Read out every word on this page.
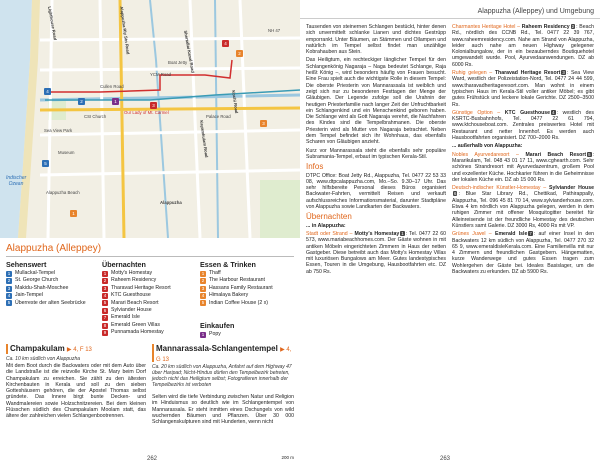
Lighthouse Road	Alappuzha Rly Stn Road	Shertallai Kanal Road
Kochi Road
Kayamkulam Road
YCM Road
Cullen Road
CSI Church
Our Lady of Mt. Carmel
Palace Road
Sea View Park
Alappuzha Beach
Alappuzha
Indischer Ozean
Museum
Boat Jetty
NH 47
200 m
4
2	1
3
4
2
5
1
3
Alappuzha (Alleppey)
Sehenswert
1 Mullackal-Tempel
2 St. George Church
3 Makidu-Shah-Moschee
4 Jain-Tempel
5 Überreste der alten Seebrücke
Übernachten
1 Motty's Homestay
2 Raheem Residency
3 Tharavad Heritage Resort
4 KTC Guesthouse
5 Marari Beach Resort
6 Sylviander House
7 Emerald Isle
8 Emerald Green Villas
9 Punnamada Homestay
Essen & Trinken
1 Thaff
2 The Harbour Restaurant
3 Hassans Family Restaurant
4 Himalaya Bakery
5 Indian Coffee House (2 x)
Einkaufen
1 Popy
Champakulam ▶ 4, F 13
Ca. 10 km südlich von Alappuzha

Mit dem Boot durch die Backwaters oder mit dem Auto über die Landstraße ist die reizvolle Kirche St. Mary beim Dorf Champakulam zu erreichen. Sie zählt zu den ältesten Kirchenbauten in Kerala und soll zu den sieben Gotteshäusern gehören, die der Apostel Thomas selbst gründete. Das Innere birgt bunte Decken- und Wandmalereien sowie Holzschnitzereien. Bei dem kleinen Flüsschen südlich des Champakulam Moolam statt, das ältere der zahlreichen vielen Schlangenbootrennen.

Mannarassala-Schlangentempel ▶ 4, G 13
Ca. 20 km südlich von Alappuzha, Anfahrt auf dem Highway 47 über Haripad; Nicht-Hindus dürfen den Tempelbezirk betreten, jedoch nicht das Heiligtum selbst; Fotografieren innerhalb der Tempelbezirks ist verboten

Selten wird die tiefe Verbindung zwischen Natur und Religion im Hinduismus so deutlich wie im Schlangentempel von Mannarassala. Er steht inmitten eines Dschungels von wild wuchernden Bäumen und Pflanzen. Über 30 000 Schlangenskulpturen sind mit Hunderten, wenn nicht

262
Alappuzha (Alleppey) und Umgebung

Tausenden von steinernen Schlangen bestückt, hinter denen sich unvermittelt schlanke Lianen und dichtes Gestrüpp emporrankt. Unter Bäumen, an Stämmen und Ollampen und natürlich im Tempel selbst findet man unzählige Kobrahauben aus Stein.

Das Heiligtum, ein rechteckiger länglicher Tempel für den Schlangenkönig Nagaraja – Naga bedeutet Schlange, Raja heißt König –, wird besonders häufig von Frauen besucht. Eine Frau spielt auch die wichtigste Rolle in diesem Tempel: Die oberste Priesterin von Mannarassala ist weiblich und zeigt sich nur zu besonderen Festtagen der Menge der Gläubigen. Der Legende zufolge soll die Urahnin der heutigen Priesterfamilie nach langer Zeit der Unfruchtbarkeit ein Schlangenkind und ein Menschenkind geboren haben. Die Schlange wird als Gott Nagaraja verehrt, die Nachfahren des Kindes sind die Tempelbrahmanen. Die oberste Priesterin wird als Mutter von Nagaraja betrachtet. Neben dem Tempel befindet sich ihr Wohnhaus, das ebenfalls Scharen von Gläubigen anzieht.

Kurz vor Mannarassala steht die ebenfalls sehr populäre Subramania-Tempel, erbaut im typischen Kerala-Stil.

Infos

DTPC Office: Boat Jetty Rd., Alappuzha, Tel. 0477 22 53 33 08, www.dtpcalappuzha.com, Mo.–So. 9.30–17 Uhr. Das sehr hilfsbereite Personal dieses Büros organisiert Backwater-Fahrten, vermittelt Reisen und verkauft aufschlussreiches Informationsmaterial, darunter Stadtpläne von Alappuzha sowie Landkarten der Backwaters.

Übernachten

... in Alappuzha:

Stadt oder Strand – Motty's Homestay 1 : Tel. 0477 22 60 573, www.mariabeachhomes.com. Der Gäste wohnen in mit antiken Möbeln eingerichteten Zimmern in Haus der netten Gastgeber. Diese betreibt auch das Motty's Homestay Villas mit luxuriösen Bungalows am Meer. Gutes landestypisches Essen, Touren in die Umgebung, Hausbootfahrten etc. DZ ab 750 Rs.

Charmantes Heritage Hotel – Raheem Residency 2 : Beach Rd., nördlich des CCNB Rd., Tel. 0477 22 39 767, www.raheemresidency.com. Nahe am Strand von Alappuzha, leider auch nahe am neuen Highway gelegener Kolonialbungalow, der in ein bezauberndes Boutiquehotel umgewandelt wurde. Pool, Ayurvedaanwendungen. DZ ab 6000 Rs.

Ruhig gelegen – Tharavad Heritage Resort 3 : Sea View Ward, westlich der Polizeistation-Nord, Tel. 0477 24 44 599, www.tharavadheritageresort.com. Man wohnt in einem typischen Haus im Kerala-Stil voller antiker Möbel; es gibt gutes Frühstück und leckere lokale Gerichte. DZ 2500–3500 Rs.

Günstige Option – KTC Guesthouse 4 : westlich des KSRTC-Busbahnhofs, Tel. 0477 22 61 794, www.ktchouseboat.com. Zentrales preiswertes Hotel mit Restaurant und netter Innenhof. Es werden auch Hausbootfahrten organisiert. DZ 700–2000 Rs.

... außerhalb von Alappuzha:

Nobles Ayurvedaresort – Marari Beach Resort 5 : Mararikulam, Tel. 048 43 01 17 11, www.cghearth.com. Sehr schönes Strandresort mit Ayurvedazentrum, großem Pool und exzellenter Küche. Hochkarier führen in die Geheimnisse der lokalen Küche ein. DZ ab 15 000 Rs.

Deutsch-indischer Künstler-Homestay – Sylviander House6 : Blue Star Library Rd., Chettikad, Pathirappally, Alappuzha, Tel. 096 45 81 70 14, www.sylvianderhouse.com. Etwa 4 km nördlich von Alappuzha gelegen, werden in dem ruhigen Zimmer mit offener Mosquitogitter bereitet für Alleinreisende ist der freundliche Homestay des deutschen Künstlers samt Galerie. DZ 3000 Rs, 4000 Rs mit VP.

Grünes Juwel – Emerald Isle 7 : auf einer Insel in den Backwaters 12 km südlich von Alappuzha, Tel. 0477 270 32 65 9, www.emeraldisleKerala.com. Eine Familienvilla mit nur 4 Zimmern und freundlichen Gastgebern. Hängematten, kurze Wanderwege und gutes Essen tragen zum Wohlergehen der Gäste bei. Ideales Basislager, um die Backwaters zu erkunden. DZ ab 5900 Rs.

263
